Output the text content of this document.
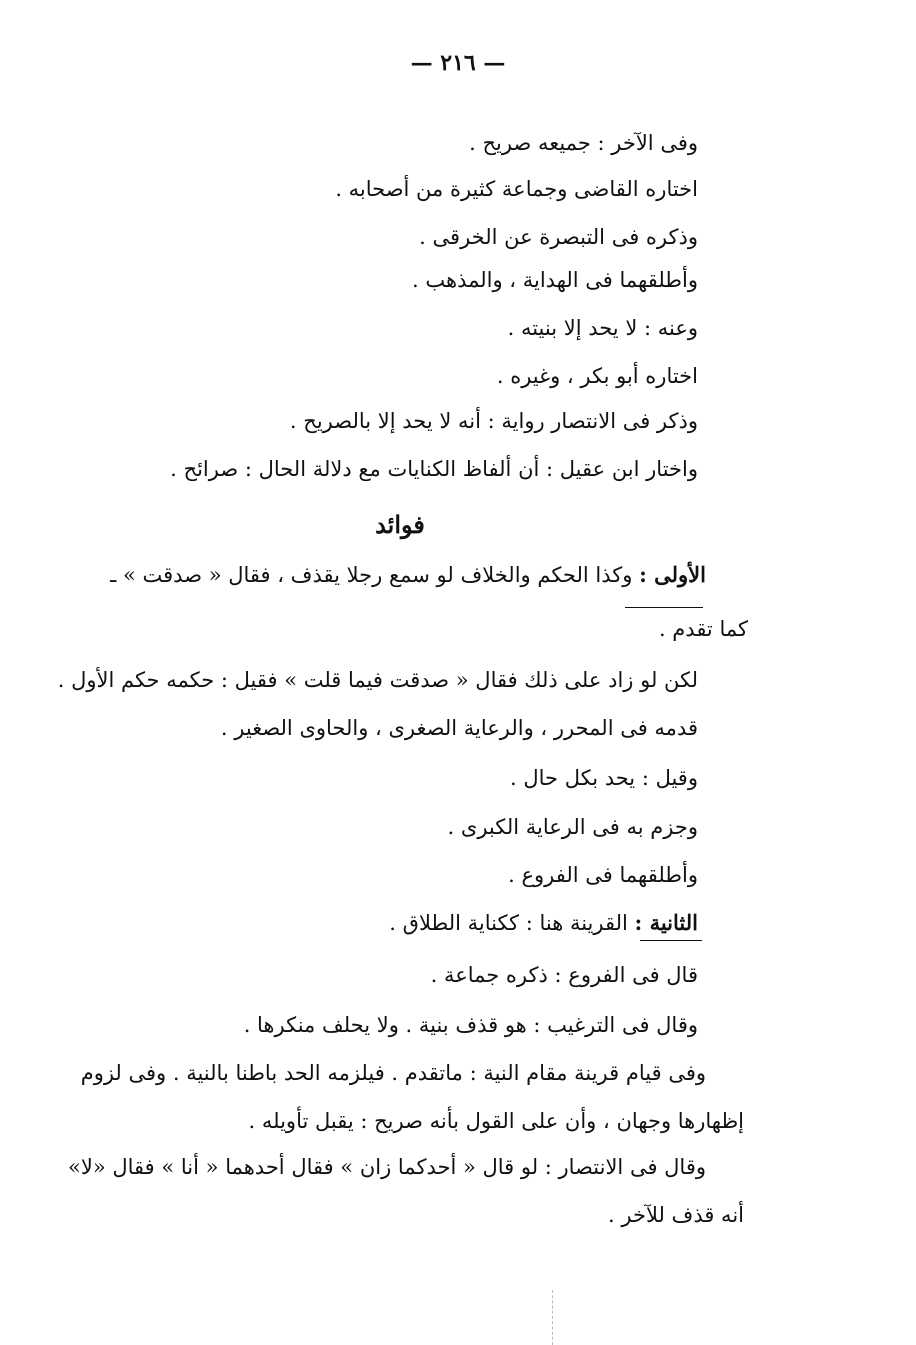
— ٢١٦ —
وفى الآخر : جميعه صريح .
اختاره القاضى وجماعة كثيرة من أصحابه .
وذكره فى التبصرة عن الخرقى .
وأطلقهما فى الهداية ، والمذهب .
وعنه : لا يحد إلا بنيته .
اختاره أبو بكر ، وغيره .
وذكر فى الانتصار رواية : أنه لا يحد إلا بالصريح .
واختار ابن عقيل : أن ألفاظ الكنايات مع دلالة الحال : صرائح .
فوائد
الأولى : وكذا الحكم والخلاف لو سمع رجلا يقذف ، فقال « صدقت » ـ
كما تقدم .
لكن لو زاد على ذلك فقال « صدقت فيما قلت » فقيل : حكمه حكم الأول .
قدمه فى المحرر ، والرعاية الصغرى ، والحاوى الصغير .
وقيل : يحد بكل حال .
وجزم به فى الرعاية الكبرى .
وأطلقهما فى الفروع .
الثانية : القرينة هنا : ككناية الطلاق .
قال فى الفروع : ذكره جماعة .
وقال فى الترغيب : هو قذف بنية . ولا يحلف منكرها .
وفى قيام قرينة مقام النية : ماتقدم . فيلزمه الحد باطنا بالنية . وفى لزوم
إظهارها وجهان ، وأن على القول بأنه صريح : يقبل تأويله .
وقال فى الانتصار : لو قال « أحدكما زان » فقال أحدهما « أنا » فقال «لا»
أنه قذف للآخر .
